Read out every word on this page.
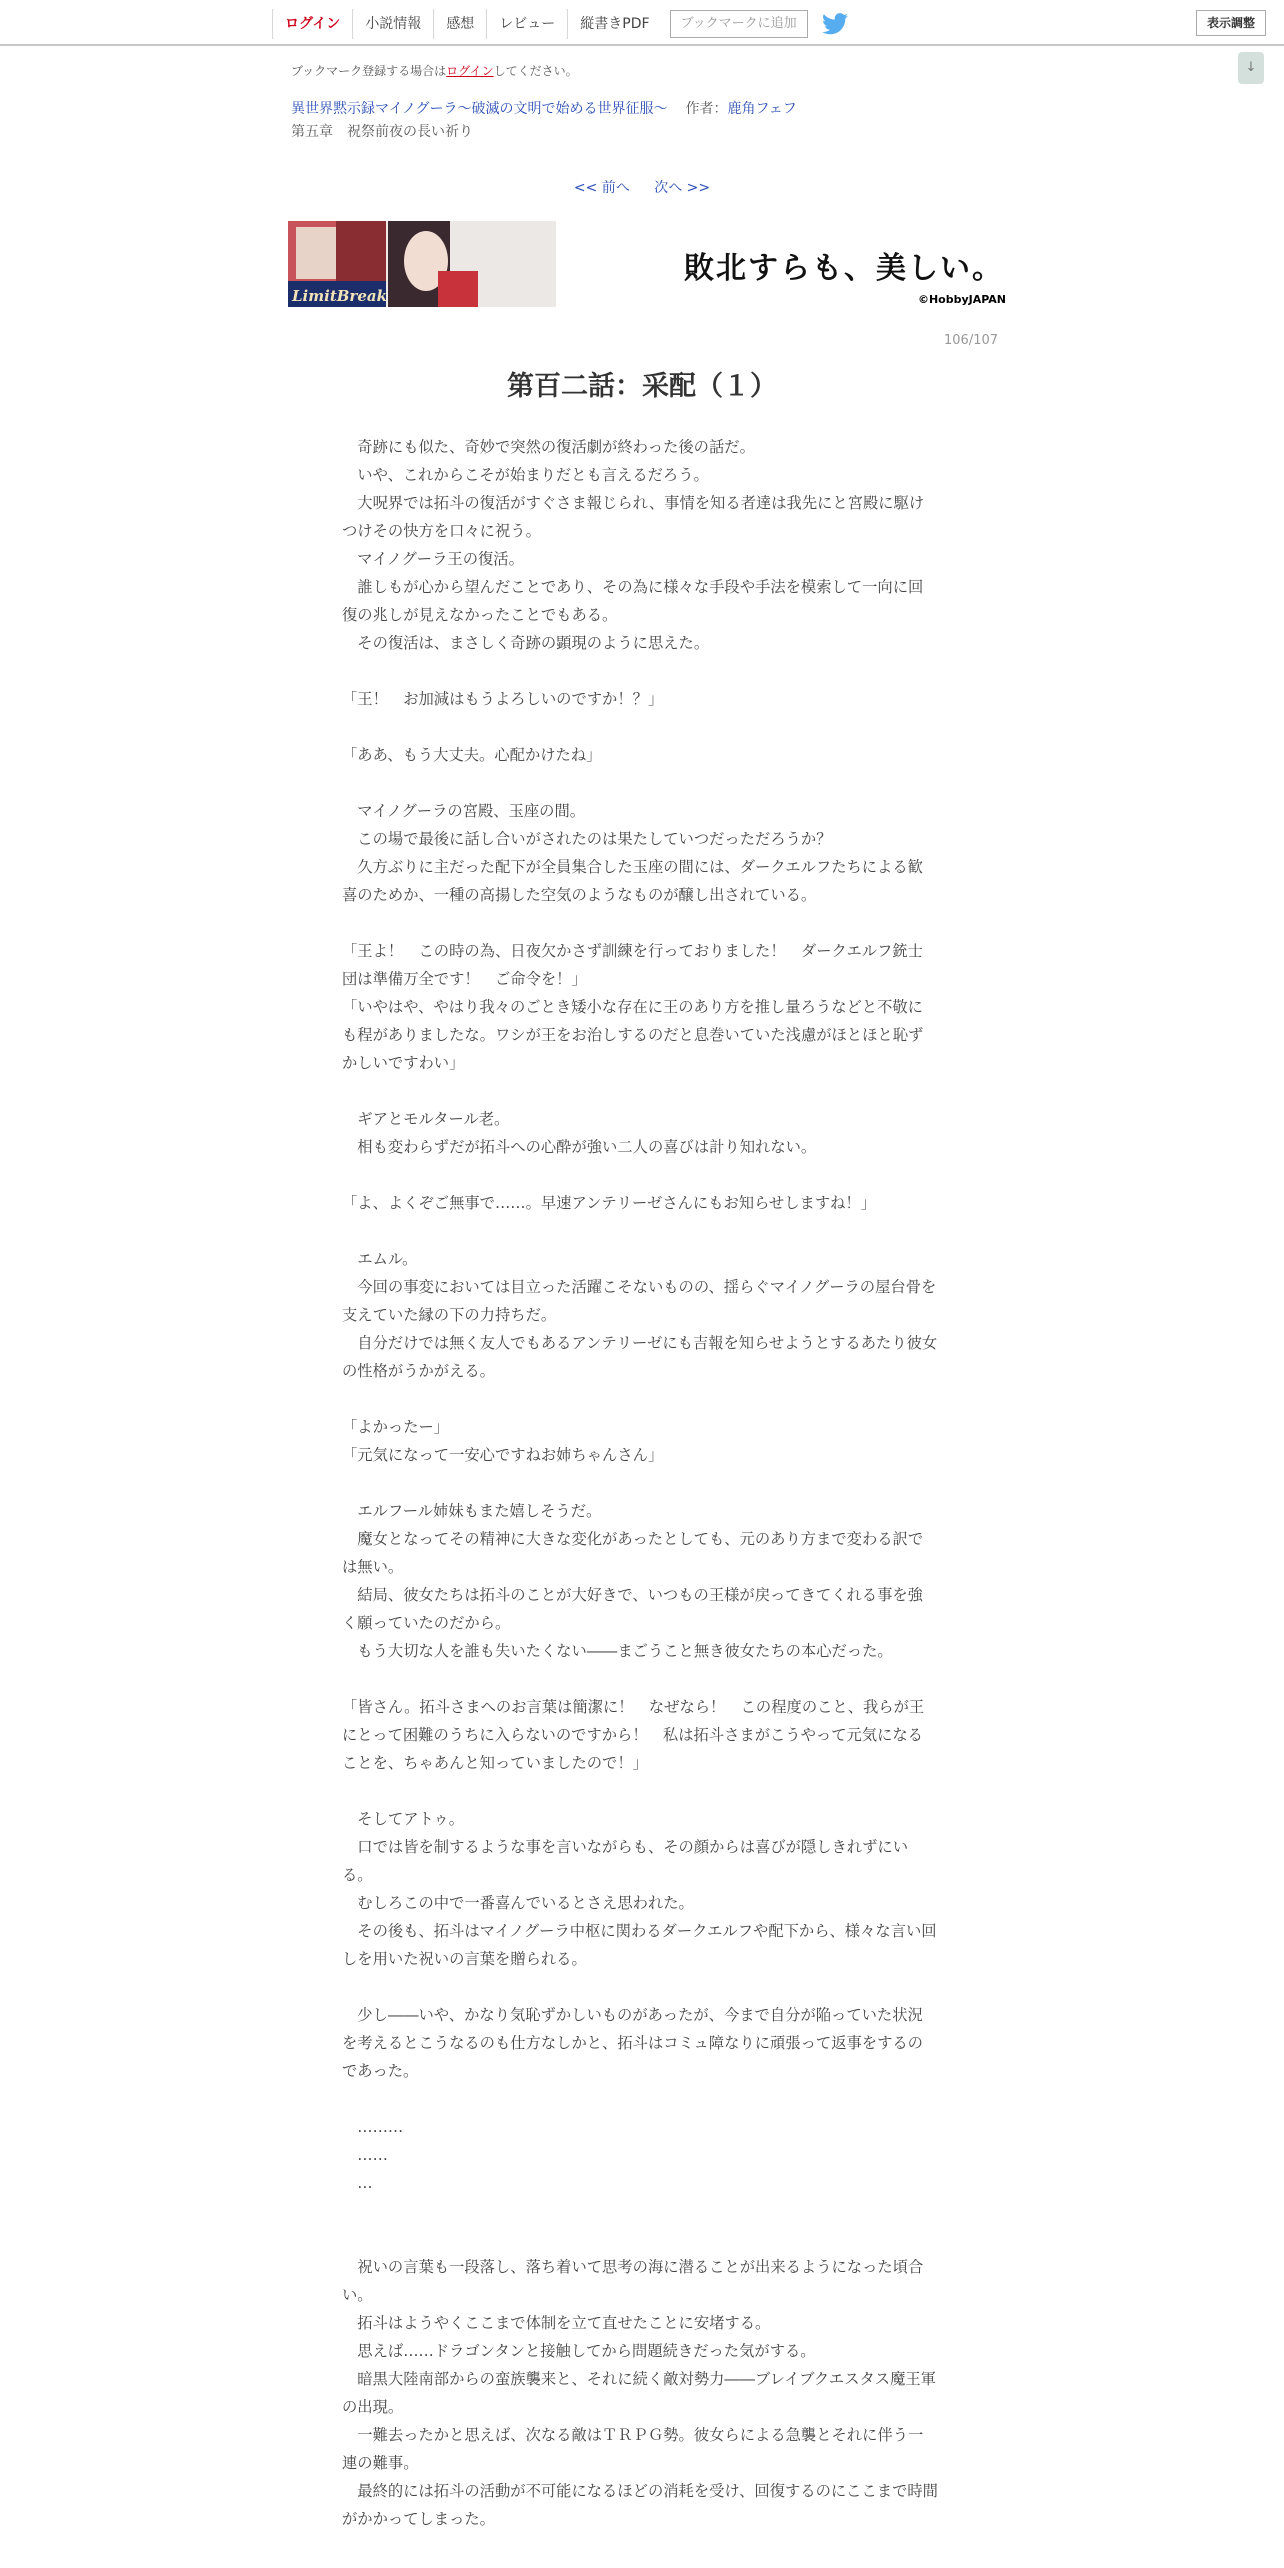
ログイン	小説情報	感想	レビュー	縦書きPDF	ブックマークに追加	表示調整
↓
ブックマーク登録する場合はログインしてください。
異世界黙示録マイノグーラ～破滅の文明で始める世界征服～ 作者：鹿角フェフ
第五章　祝祭前夜の長い祈り
<< 前へ 次へ >>
LimitBreak
敗北すらも、美しい。
©HobbyJAPAN
106/107
第百二話：采配（１）

　奇跡にも似た、奇妙で突然の復活劇が終わった後の話だ。

　いや、これからこそが始まりだとも言えるだろう。

　大呪界では拓斗の復活がすぐさま報じられ、事情を知る者達は我先にと宮殿に駆けつけその快方を口々に祝う。

　マイノグーラ王の復活。

　誰しもが心から望んだことであり、その為に様々な手段や手法を模索して一向に回復の兆しが見えなかったことでもある。

　その復活は、まさしく奇跡の顕現のように思えた。

「王！　お加減はもうよろしいのですか！？」

「ああ、もう大丈夫。心配かけたね」

　マイノグーラの宮殿、玉座の間。

　この場で最後に話し合いがされたのは果たしていつだっただろうか？

　久方ぶりに主だった配下が全員集合した玉座の間には、ダークエルフたちによる歓喜のためか、一種の高揚した空気のようなものが醸し出されている。

「王よ！　この時の為、日夜欠かさず訓練を行っておりました！　ダークエルフ銃士団は準備万全です！　ご命令を！」

「いやはや、やはり我々のごとき矮小な存在に王のあり方を推し量ろうなどと不敬にも程がありましたな。ワシが王をお治しするのだと息巻いていた浅慮がほとほと恥ずかしいですわい」

　ギアとモルタール老。

　相も変わらずだが拓斗への心酔が強い二人の喜びは計り知れない。

「よ、よくぞご無事で……。早速アンテリーゼさんにもお知らせしますね！」

　エムル。

　今回の事変においては目立った活躍こそないものの、揺らぐマイノグーラの屋台骨を支えていた縁の下の力持ちだ。

　自分だけでは無く友人でもあるアンテリーゼにも吉報を知らせようとするあたり彼女の性格がうかがえる。

「よかったー」

「元気になって一安心ですねお姉ちゃんさん」

　エルフール姉妹もまた嬉しそうだ。

　魔女となってその精神に大きな変化があったとしても、元のあり方まで変わる訳では無い。

　結局、彼女たちは拓斗のことが大好きで、いつもの王様が戻ってきてくれる事を強く願っていたのだから。

　もう大切な人を誰も失いたくない――まごうこと無き彼女たちの本心だった。

「皆さん。拓斗さまへのお言葉は簡潔に！　なぜなら！　この程度のこと、我らが王にとって困難のうちに入らないのですから！　私は拓斗さまがこうやって元気になることを、ちゃあんと知っていましたので！」

　そしてアトゥ。

　口では皆を制するような事を言いながらも、その顔からは喜びが隠しきれずにいる。

　むしろこの中で一番喜んでいるとさえ思われた。

　その後も、拓斗はマイノグーラ中枢に関わるダークエルフや配下から、様々な言い回しを用いた祝いの言葉を贈られる。

　少し――いや、かなり気恥ずかしいものがあったが、今まで自分が陥っていた状況を考えるとこうなるのも仕方なしかと、拓斗はコミュ障なりに頑張って返事をするのであった。

　………

　……

　…

　祝いの言葉も一段落し、落ち着いて思考の海に潜ることが出来るようになった頃合い。

　拓斗はようやくここまで体制を立て直せたことに安堵する。

　思えば……ドラゴンタンと接触してから問題続きだった気がする。

　暗黒大陸南部からの蛮族襲来と、それに続く敵対勢力――ブレイブクエスタス魔王軍の出現。

　一難去ったかと思えば、次なる敵はＴＲＰＧ勢。彼女らによる急襲とそれに伴う一連の難事。

　最終的には拓斗の活動が不可能になるほどの消耗を受け、回復するのにここまで時間がかかってしまった。
